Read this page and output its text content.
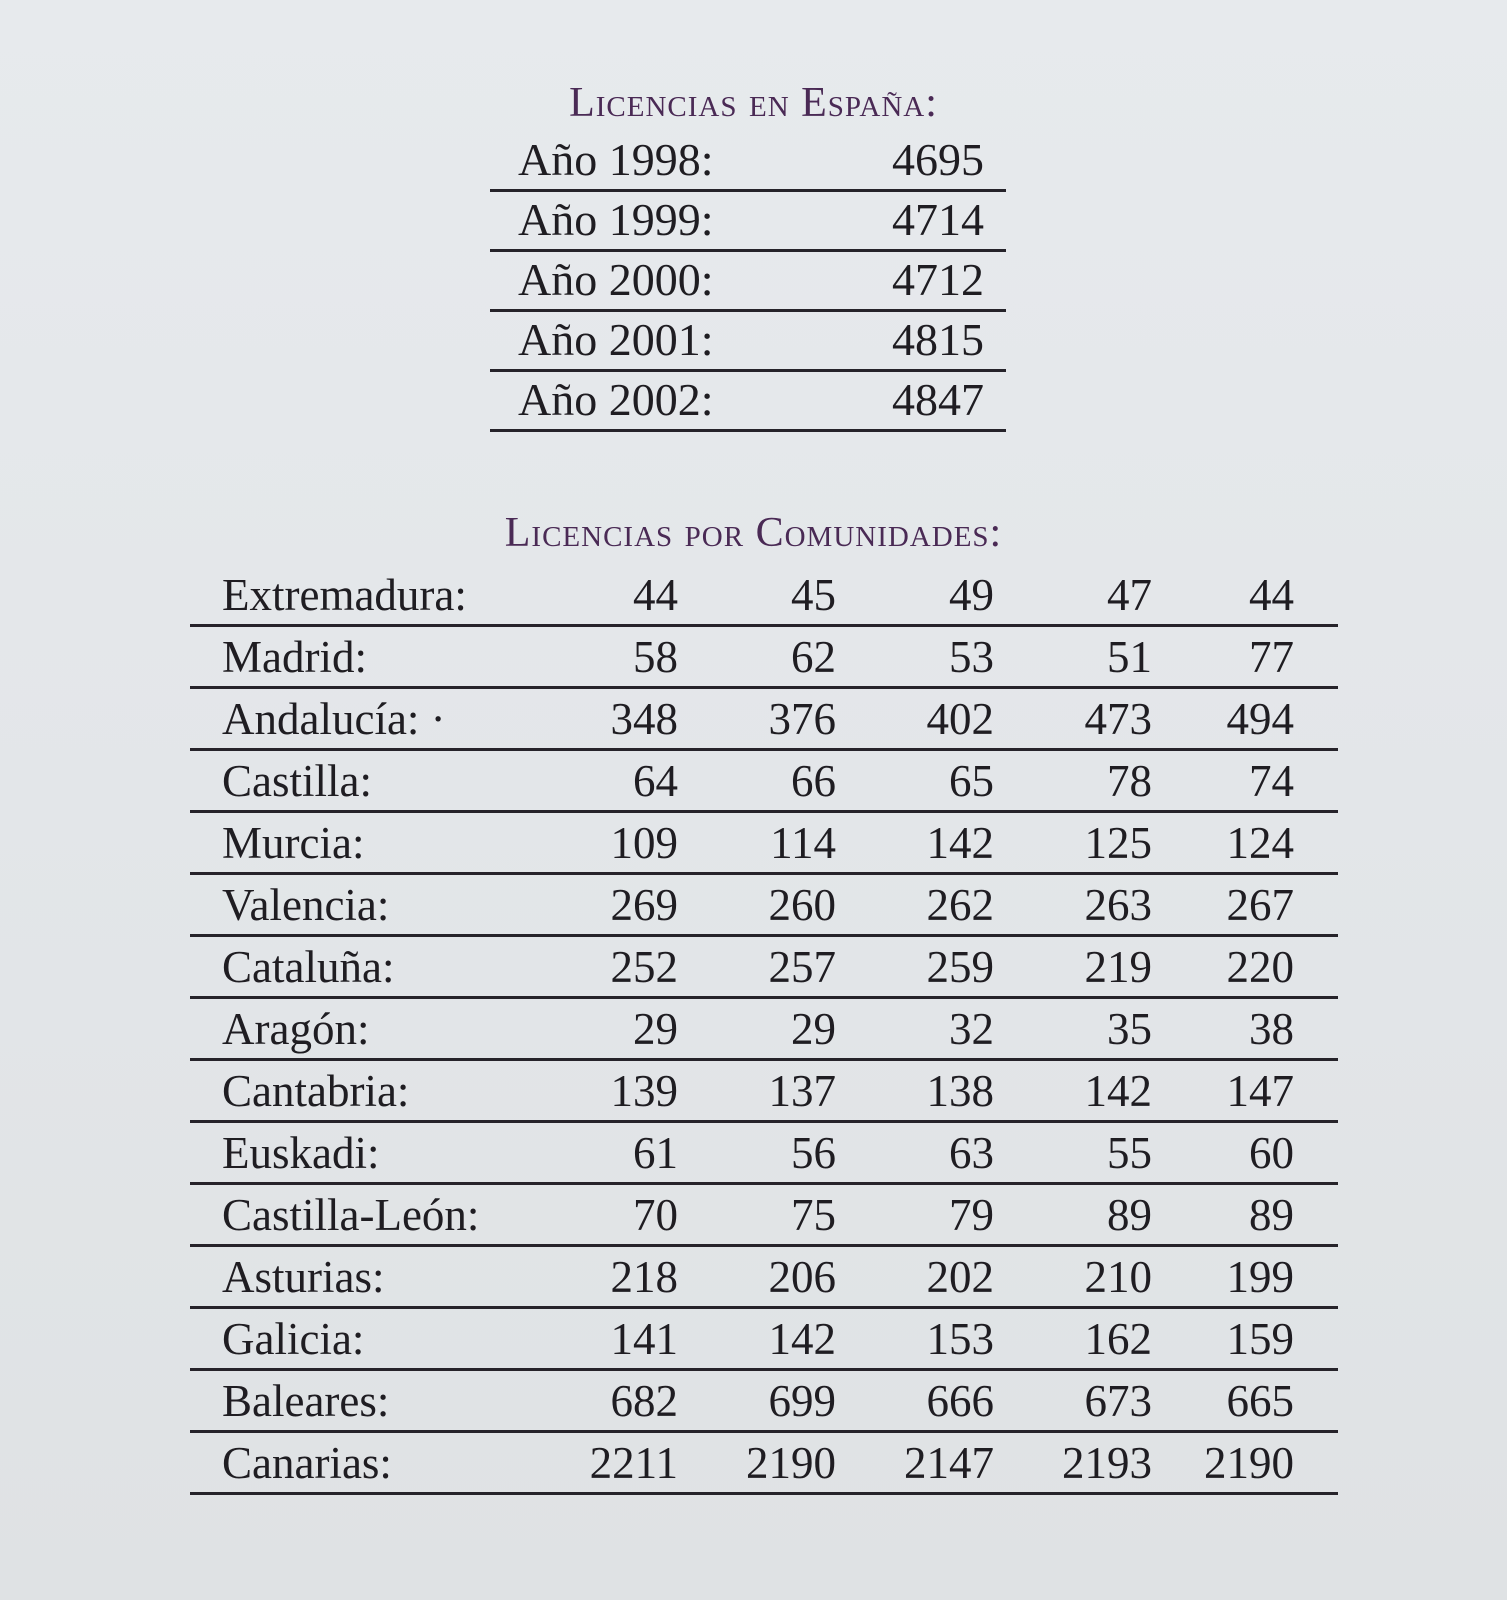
Licencias en España:
Año 1998:	4695
Año 1999:	4714
Año 2000:	4712
Año 2001:	4815
Año 2002:	4847
Licencias por Comunidades:
Extremadura:	44	45	49	47	44
Madrid:	58	62	53	51	77
Andalucía: ·	348	376	402	473	494
Castilla:	64	66	65	78	74
Murcia:	109	114	142	125	124
Valencia:	269	260	262	263	267
Cataluña:	252	257	259	219	220
Aragón:	29	29	32	35	38
Cantabria:	139	137	138	142	147
Euskadi:	61	56	63	55	60
Castilla-León:	70	75	79	89	89
Asturias:	218	206	202	210	199
Galicia:	141	142	153	162	159
Baleares:	682	699	666	673	665
Canarias:	2211	2190	2147	2193	2190
